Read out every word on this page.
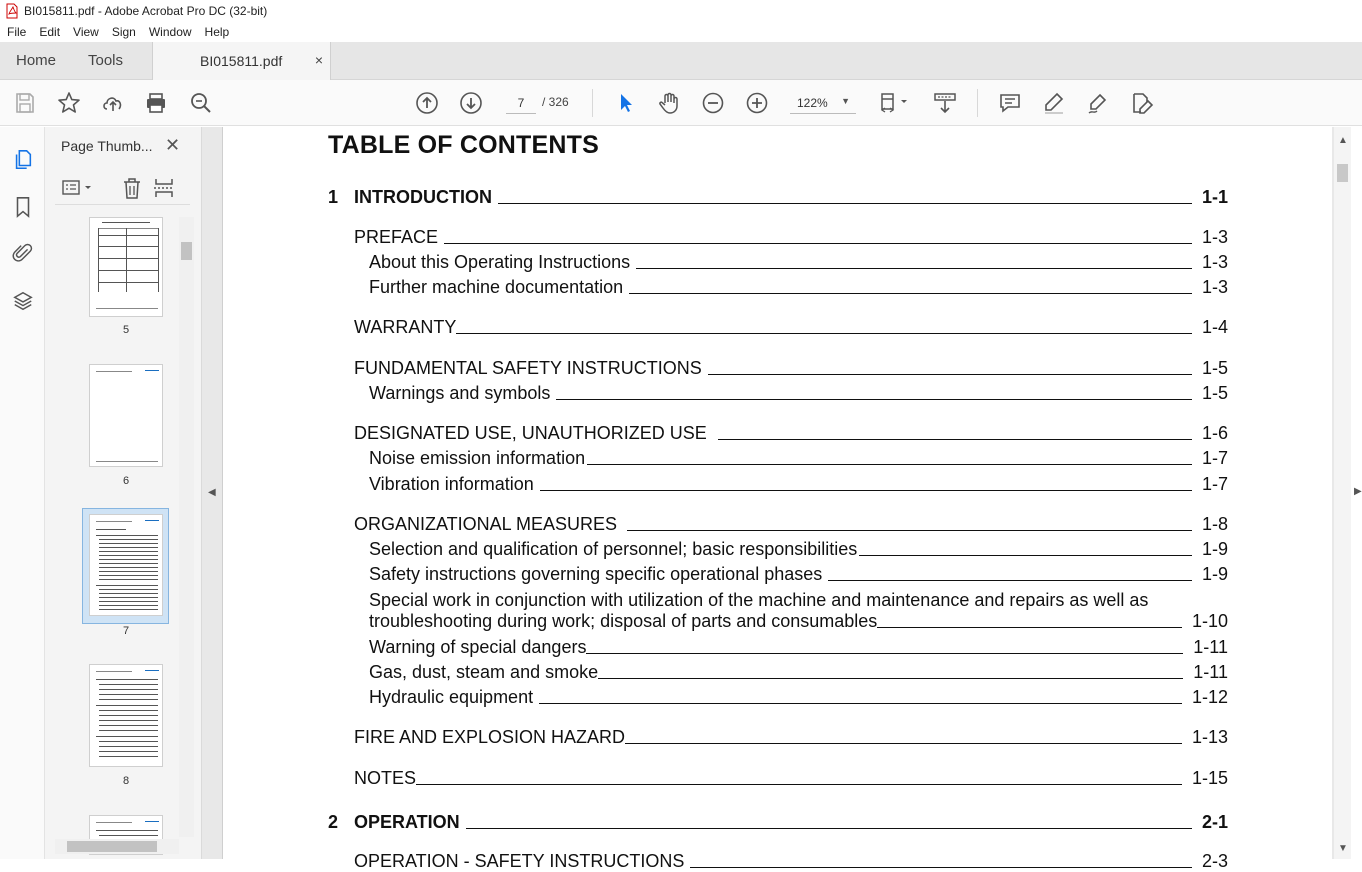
BI015811.pdf - Adobe Acrobat Pro DC (32-bit)
File Edit View Sign Window Help
Home Tools	BI015811.pdf ×
7
/ 326	122% ▼
Page Thumb... ✕
5
6
7
8
◀
TABLE OF CONTENTS
1 INTRODUCTION	1-1
PREFACE	1-3
About this Operating Instructions	1-3
Further machine documentation	1-3
WARRANTY	1-4
FUNDAMENTAL SAFETY INSTRUCTIONS	1-5
Warnings and symbols	1-5
DESIGNATED USE, UNAUTHORIZED USE	1-6
Noise emission information	1-7
Vibration information	1-7
ORGANIZATIONAL MEASURES	1-8
Selection and qualification of personnel; basic responsibilities	1-9
Safety instructions governing specific operational phases	1-9
Special work in conjunction with utilization of the machine and maintenance and repairs as well as
troubleshooting during work; disposal of parts and consumables	1-10
Warning of special dangers	1-11
Gas, dust, steam and smoke	1-11
Hydraulic equipment	1-12
FIRE AND EXPLOSION HAZARD	1-13
NOTES	1-15
2 OPERATION	2-1
OPERATION - SAFETY INSTRUCTIONS	2-3
▲
▼
▶
